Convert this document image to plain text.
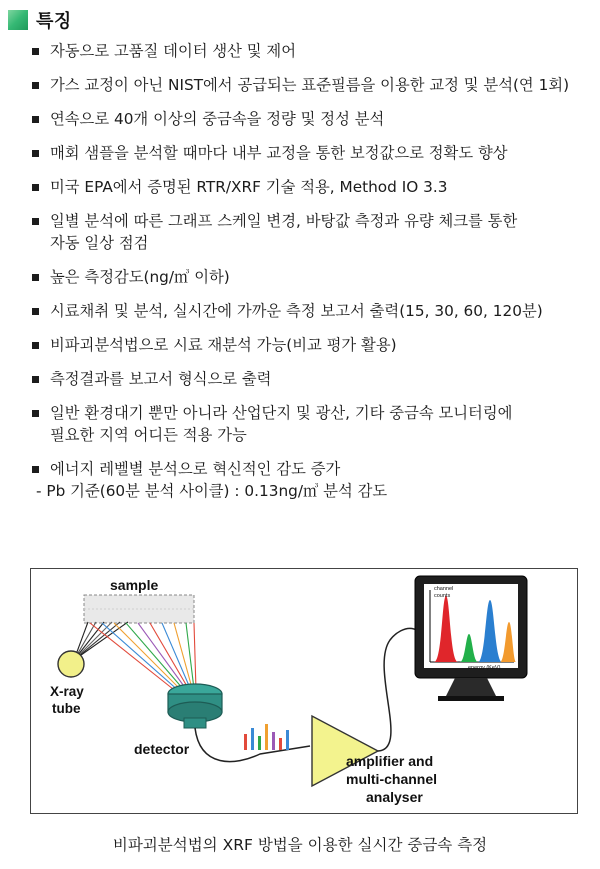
특징
자동으로 고품질 데이터 생산 및 제어
가스 교정이 아닌 NIST에서 공급되는 표준필름을 이용한 교정 및 분석(연 1회)
연속으로 40개 이상의 중금속을 정량 및 정성 분석
매회 샘플을 분석할 때마다 내부 교정을 통한 보정값으로 정확도 향상
미국 EPA에서 증명된 RTR/XRF 기술 적용, Method IO 3.3
일별 분석에 따른 그래프 스케일 변경, 바탕값 측정과 유량 체크를 통한
자동 일상 점검
높은 측정감도(ng/㎥ 이하)
시료채취 및 분석, 실시간에 가까운 측정 보고서 출력(15, 30, 60, 120분)
비파괴분석법으로 시료 재분석 가능(비교 평가 활용)
측정결과를 보고서 형식으로 출력
일반 환경대기 뿐만 아니라 산업단지 및 광산, 기타 중금속 모니터링에
필요한 지역 어디든 적용 가능
에너지 레벨별 분석으로 혁신적인 감도 증가
- Pb 기준(60분 분석 사이클) : 0.13ng/㎥ 분석 감도
sample
X-ray
tube
detector
amplifier and
multi-channel
analyser
channel
counts
energy (KeV)
비파괴분석법의 XRF 방법을 이용한 실시간 중금속 측정
